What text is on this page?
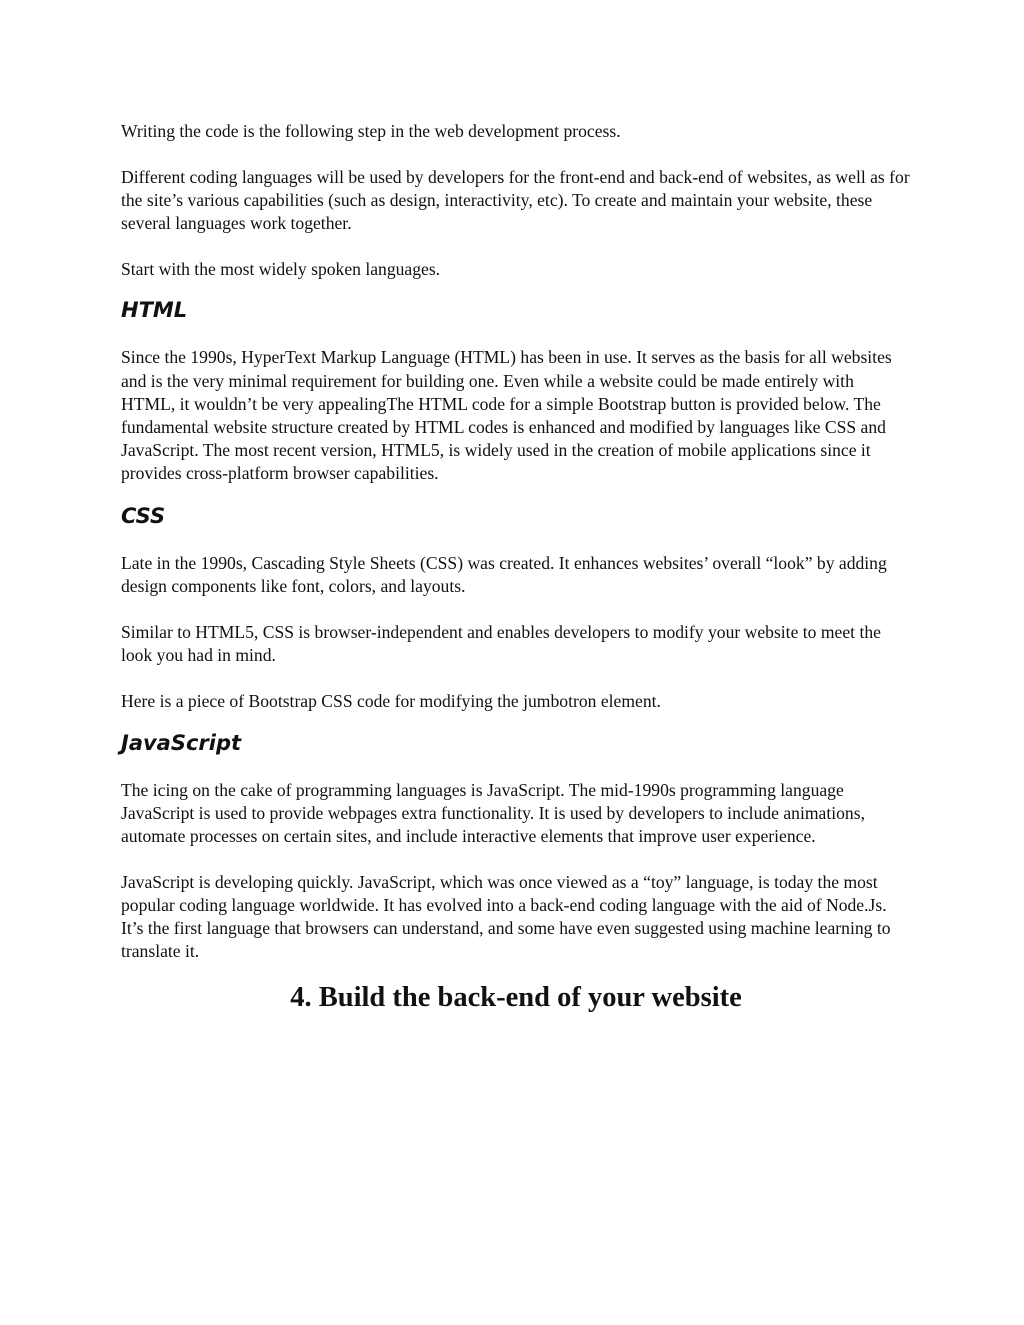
Writing the code is the following step in the web development process.

Different coding languages will be used by developers for the front-end and back-end of websites, as well as for the site’s various capabilities (such as design, interactivity, etc). To create and maintain your website, these several languages work together.

Start with the most widely spoken languages.

HTML

Since the 1990s, HyperText Markup Language (HTML) has been in use. It serves as the basis for all websites and is the very minimal requirement for building one. Even while a website could be made entirely with HTML, it wouldn’t be very appealingThe HTML code for a simple Bootstrap button is provided below. The fundamental website structure created by HTML codes is enhanced and modified by languages like CSS and JavaScript. The most recent version, HTML5, is widely used in the creation of mobile applications since it provides cross-platform browser capabilities.

CSS

Late in the 1990s, Cascading Style Sheets (CSS) was created. It enhances websites’ overall “look” by adding design components like font, colors, and layouts.

Similar to HTML5, CSS is browser-independent and enables developers to modify your website to meet the look you had in mind.

Here is a piece of Bootstrap CSS code for modifying the jumbotron element.

JavaScript

The icing on the cake of programming languages is JavaScript. The mid-1990s programming language JavaScript is used to provide webpages extra functionality. It is used by developers to include animations, automate processes on certain sites, and include interactive elements that improve user experience.

JavaScript is developing quickly. JavaScript, which was once viewed as a “toy” language, is today the most popular coding language worldwide. It has evolved into a back-end coding language with the aid of Node.Js. It’s the first language that browsers can understand, and some have even suggested using machine learning to translate it.

4. Build the back-end of your website
